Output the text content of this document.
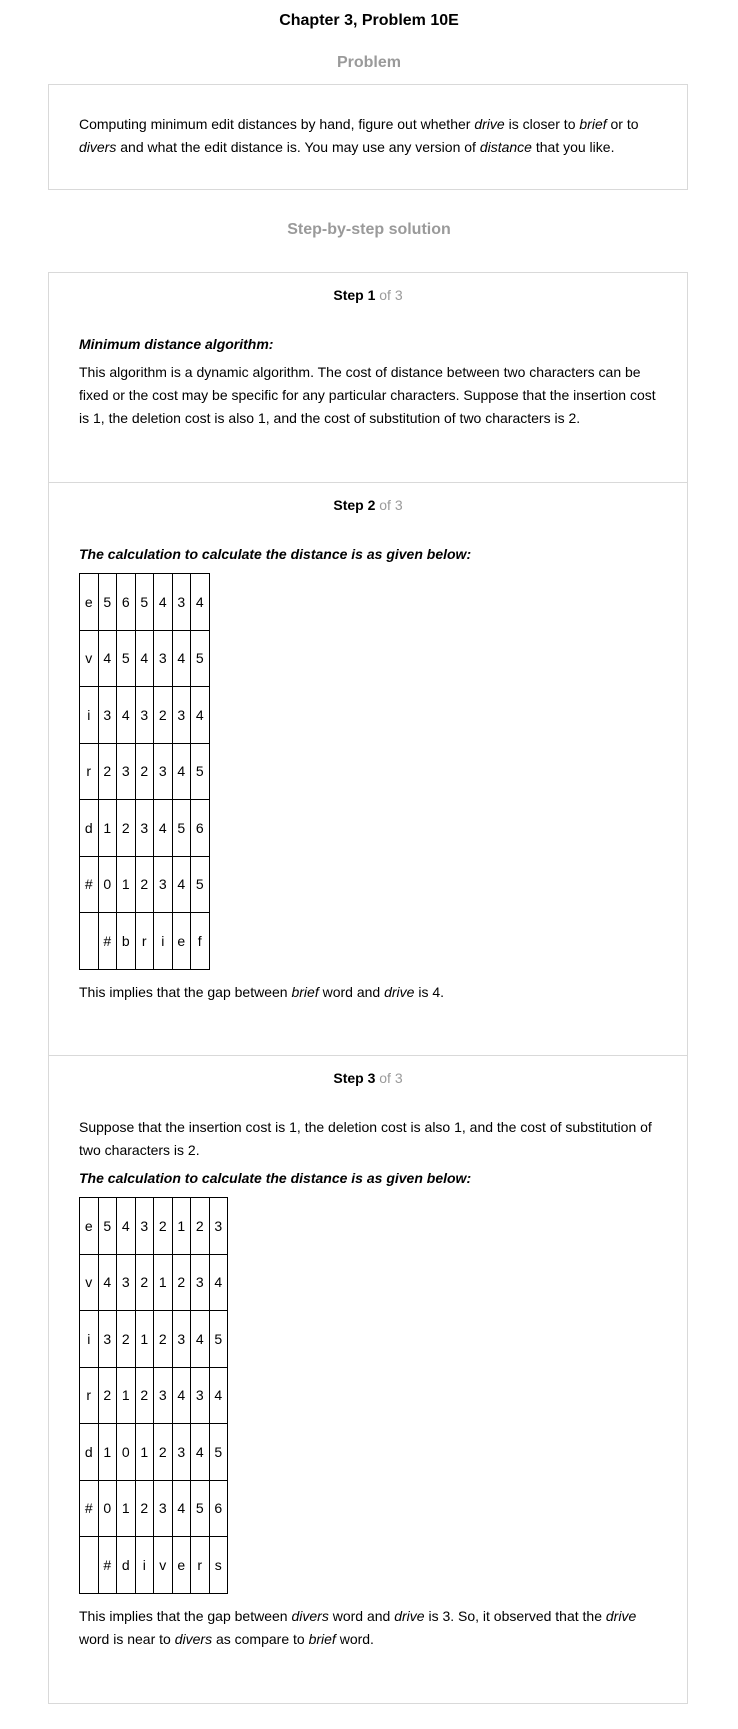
Chapter 3, Problem 10E
Problem

Computing minimum edit distances by hand, figure out whether drive is closer to brief or to divers and what the edit distance is. You may use any version of distance that you like.

Step-by-step solution
Step 1 of 3

Minimum distance algorithm:

This algorithm is a dynamic algorithm. The cost of distance between two characters can be fixed or the cost may be specific for any particular characters. Suppose that the insertion cost is 1, the deletion cost is also 1, and the cost of substitution of two characters is 2.

Step 2 of 3

The calculation to calculate the distance is as given below:

e	5	6	5	4	3	4
v	4	5	4	3	4	5
i	3	4	3	2	3	4
r	2	3	2	3	4	5
d	1	2	3	4	5	6
#	0	1	2	3	4	5
	#	b	r	i	e	f

This implies that the gap between brief word and drive is 4.

Step 3 of 3

Suppose that the insertion cost is 1, the deletion cost is also 1, and the cost of substitution of two characters is 2.

The calculation to calculate the distance is as given below:

e	5	4	3	2	1	2	3
v	4	3	2	1	2	3	4
i	3	2	1	2	3	4	5
r	2	1	2	3	4	3	4
d	1	0	1	2	3	4	5
#	0	1	2	3	4	5	6
	#	d	i	v	e	r	s

This implies that the gap between divers word and drive is 3. So, it observed that the drive word is near to divers as compare to brief word.
